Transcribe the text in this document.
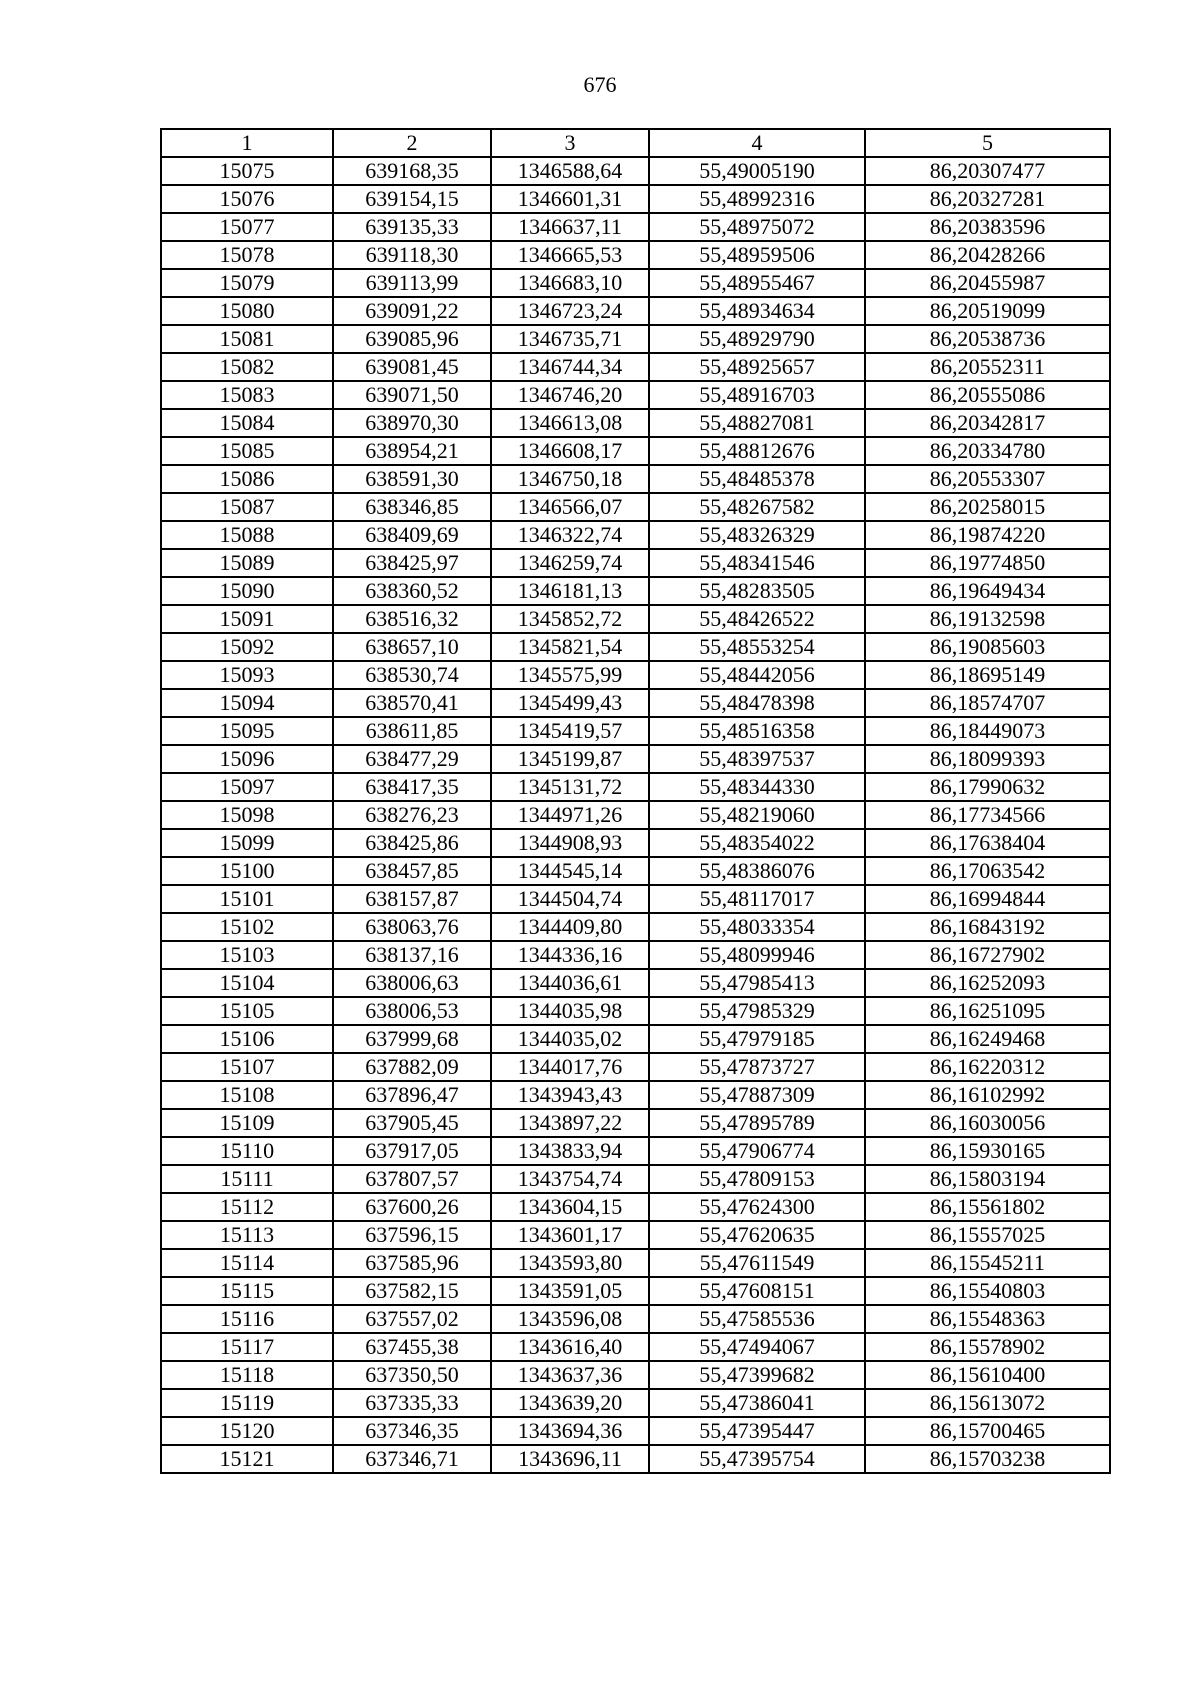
676
1	2	3	4	5
15075	639168,35	1346588,64	55,49005190	86,20307477
15076	639154,15	1346601,31	55,48992316	86,20327281
15077	639135,33	1346637,11	55,48975072	86,20383596
15078	639118,30	1346665,53	55,48959506	86,20428266
15079	639113,99	1346683,10	55,48955467	86,20455987
15080	639091,22	1346723,24	55,48934634	86,20519099
15081	639085,96	1346735,71	55,48929790	86,20538736
15082	639081,45	1346744,34	55,48925657	86,20552311
15083	639071,50	1346746,20	55,48916703	86,20555086
15084	638970,30	1346613,08	55,48827081	86,20342817
15085	638954,21	1346608,17	55,48812676	86,20334780
15086	638591,30	1346750,18	55,48485378	86,20553307
15087	638346,85	1346566,07	55,48267582	86,20258015
15088	638409,69	1346322,74	55,48326329	86,19874220
15089	638425,97	1346259,74	55,48341546	86,19774850
15090	638360,52	1346181,13	55,48283505	86,19649434
15091	638516,32	1345852,72	55,48426522	86,19132598
15092	638657,10	1345821,54	55,48553254	86,19085603
15093	638530,74	1345575,99	55,48442056	86,18695149
15094	638570,41	1345499,43	55,48478398	86,18574707
15095	638611,85	1345419,57	55,48516358	86,18449073
15096	638477,29	1345199,87	55,48397537	86,18099393
15097	638417,35	1345131,72	55,48344330	86,17990632
15098	638276,23	1344971,26	55,48219060	86,17734566
15099	638425,86	1344908,93	55,48354022	86,17638404
15100	638457,85	1344545,14	55,48386076	86,17063542
15101	638157,87	1344504,74	55,48117017	86,16994844
15102	638063,76	1344409,80	55,48033354	86,16843192
15103	638137,16	1344336,16	55,48099946	86,16727902
15104	638006,63	1344036,61	55,47985413	86,16252093
15105	638006,53	1344035,98	55,47985329	86,16251095
15106	637999,68	1344035,02	55,47979185	86,16249468
15107	637882,09	1344017,76	55,47873727	86,16220312
15108	637896,47	1343943,43	55,47887309	86,16102992
15109	637905,45	1343897,22	55,47895789	86,16030056
15110	637917,05	1343833,94	55,47906774	86,15930165
15111	637807,57	1343754,74	55,47809153	86,15803194
15112	637600,26	1343604,15	55,47624300	86,15561802
15113	637596,15	1343601,17	55,47620635	86,15557025
15114	637585,96	1343593,80	55,47611549	86,15545211
15115	637582,15	1343591,05	55,47608151	86,15540803
15116	637557,02	1343596,08	55,47585536	86,15548363
15117	637455,38	1343616,40	55,47494067	86,15578902
15118	637350,50	1343637,36	55,47399682	86,15610400
15119	637335,33	1343639,20	55,47386041	86,15613072
15120	637346,35	1343694,36	55,47395447	86,15700465
15121	637346,71	1343696,11	55,47395754	86,15703238
